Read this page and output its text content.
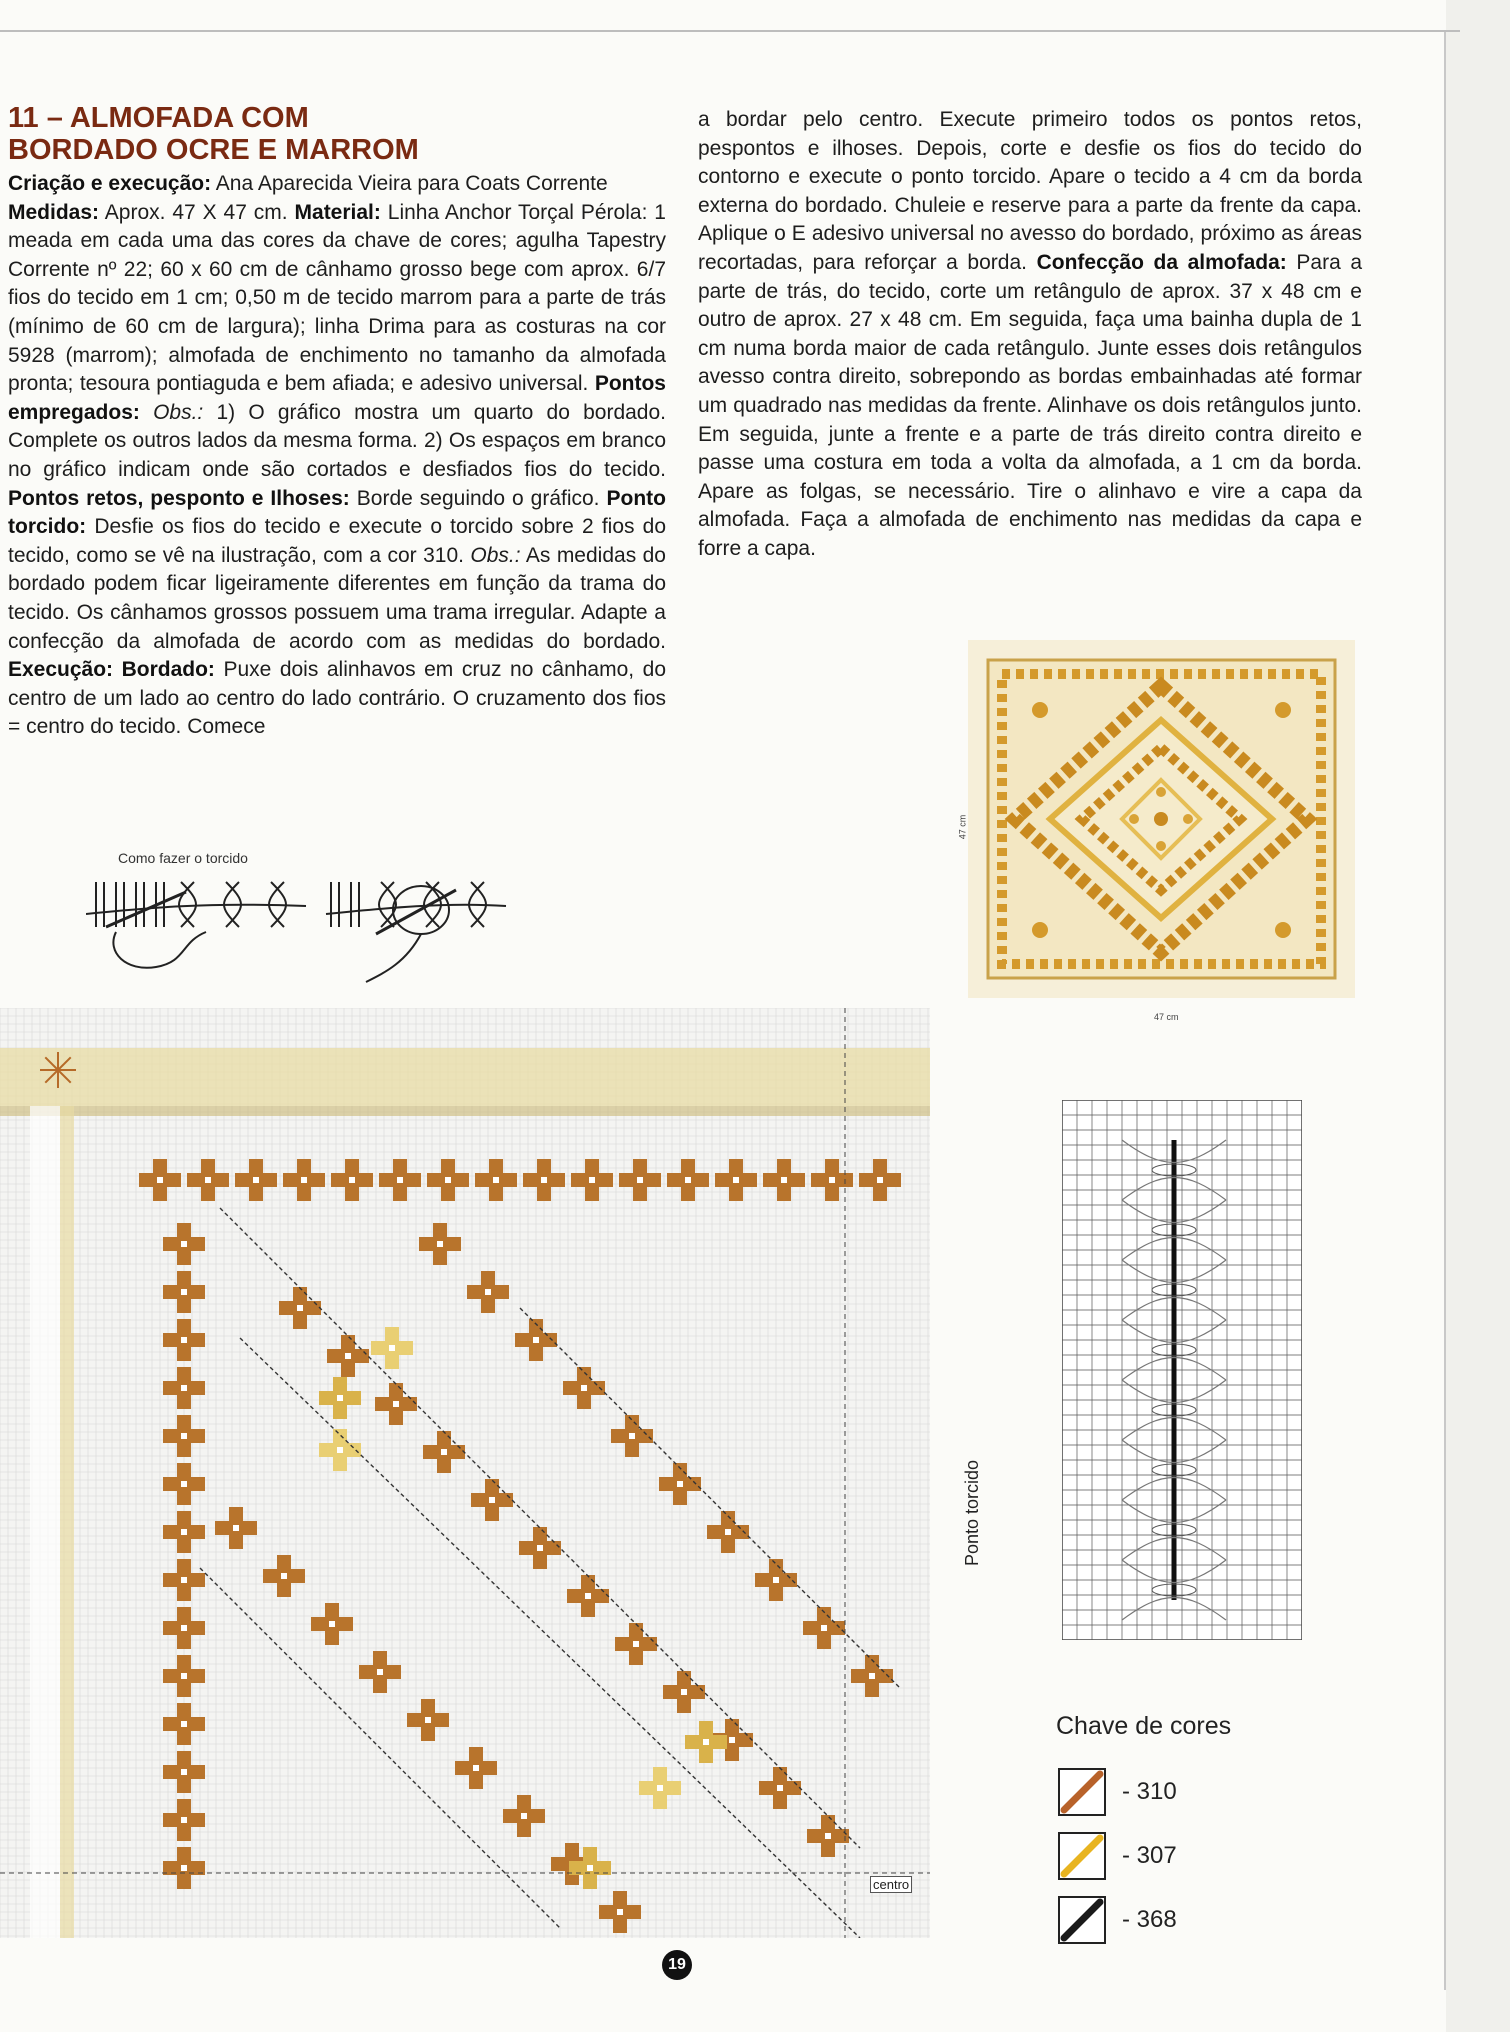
11 – ALMOFADA COM
BORDADO OCRE E MARROM

Criação e execução: Ana Aparecida Vieira para Coats Corrente
Medidas: Aprox. 47 X 47 cm. Material: Linha Anchor Torçal Pérola: 1 meada em cada uma das cores da chave de cores; agulha Tapestry Corrente nº 22; 60 x 60 cm de cânhamo grosso bege com aprox. 6/7 fios do tecido em 1 cm; 0,50 m de tecido marrom para a parte de trás (mínimo de 60 cm de largura); linha Drima para as costuras na cor 5928 (marrom); almofada de enchimento no tamanho da almofada pronta; tesoura pontiaguda e bem afiada; e adesivo universal. Pontos empregados: Obs.: 1) O gráfico mostra um quarto do bordado. Complete os outros lados da mesma forma. 2) Os espaços em branco no gráfico indicam onde são cortados e desfiados fios do tecido. Pontos retos, pesponto e Ilhoses: Borde seguindo o gráfico. Ponto torcido: Desfie os fios do tecido e execute o torcido sobre 2 fios do tecido, como se vê na ilustração, com a cor 310. Obs.: As medidas do bordado podem ficar ligeiramente diferentes em função da trama do tecido. Os cânhamos grossos possuem uma trama irregular. Adapte a confecção da almofada de acordo com as medidas do bordado. Execução: Bordado: Puxe dois alinhavos em cruz no cânhamo, do centro de um lado ao centro do lado contrário. O cruzamento dos fios = centro do tecido. Comece

a bordar pelo centro. Execute primeiro todos os pontos retos, pespontos e ilhoses. Depois, corte e desfie os fios do tecido do contorno e execute o ponto torcido. Apare o tecido a 4 cm da borda externa do bordado. Chuleie e reserve para a parte da frente da capa. Aplique o E adesivo universal no avesso do bordado, próximo as áreas recortadas, para reforçar a borda. Confecção da almofada: Para a parte de trás, do tecido, corte um retângulo de aprox. 37 x 48 cm e outro de aprox. 27 x 48 cm. Em seguida, faça uma bainha dupla de 1 cm numa borda maior de cada retângulo. Junte esses dois retângulos avesso contra direito, sobrepondo as bordas embainhadas até formar um quadrado nas medidas da frente. Alinhave os dois retângulos junto. Em seguida, junte a frente e a parte de trás direito contra direito e passe uma costura em toda a volta da almofada, a 1 cm da borda. Apare as folgas, se necessário. Tire o alinhavo e vire a capa da almofada. Faça a almofada de enchimento nas medidas da capa e forre a capa.

Como fazer o torcido
47 cm
47 cm
centro
Ponto torcido
Chave de cores
- 310
- 307
- 368
19
